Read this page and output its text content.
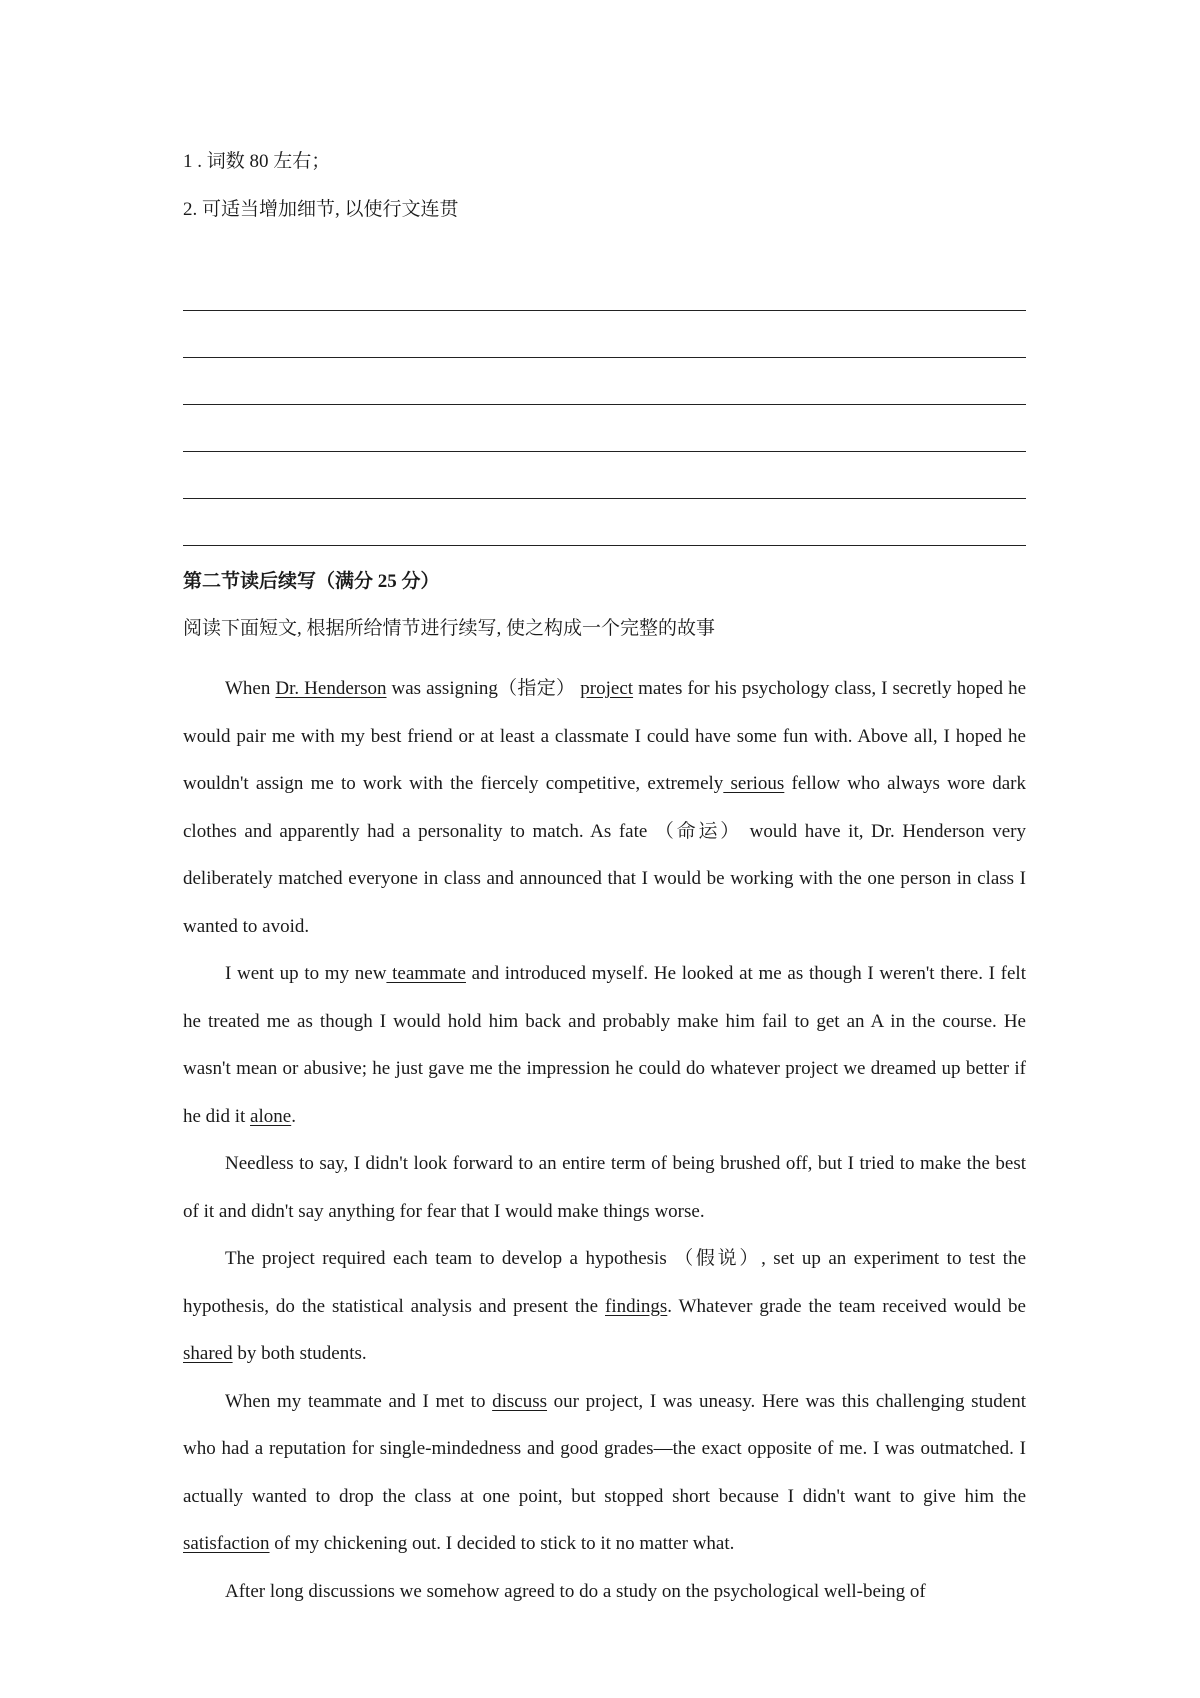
1 . 词数 80 左右；

2. 可适当增加细节, 以使行文连贯

第二节读后续写（满分 25 分）
阅读下面短文, 根据所给情节进行续写, 使之构成一个完整的故事

When Dr. Henderson was assigning（指定） project mates for his psychology class, I secretly hoped he would pair me with my best friend or at least a classmate I could have some fun with. Above all, I hoped he wouldn't assign me to work with the fiercely competitive, extremely serious fellow who always wore dark clothes and apparently had a personality to match. As fate （命运） would have it, Dr. Henderson very deliberately matched everyone in class and announced that I would be working with the one person in class I wanted to avoid.

I went up to my new teammate and introduced myself. He looked at me as though I weren't there. I felt he treated me as though I would hold him back and probably make him fail to get an A in the course. He wasn't mean or abusive; he just gave me the impression he could do whatever project we dreamed up better if he did it alone.

Needless to say, I didn't look forward to an entire term of being brushed off, but I tried to make the best of it and didn't say anything for fear that I would make things worse.

The project required each team to develop a hypothesis （假说）, set up an experiment to test the hypothesis, do the statistical analysis and present the findings. Whatever grade the team received would be shared by both students.

When my teammate and I met to discuss our project, I was uneasy. Here was this challenging student who had a reputation for single-mindedness and good grades—the exact opposite of me. I was outmatched. I actually wanted to drop the class at one point, but stopped short because I didn't want to give him the satisfaction of my chickening out. I decided to stick to it no matter what.

After long discussions we somehow agreed to do a study on the psychological well-being of
